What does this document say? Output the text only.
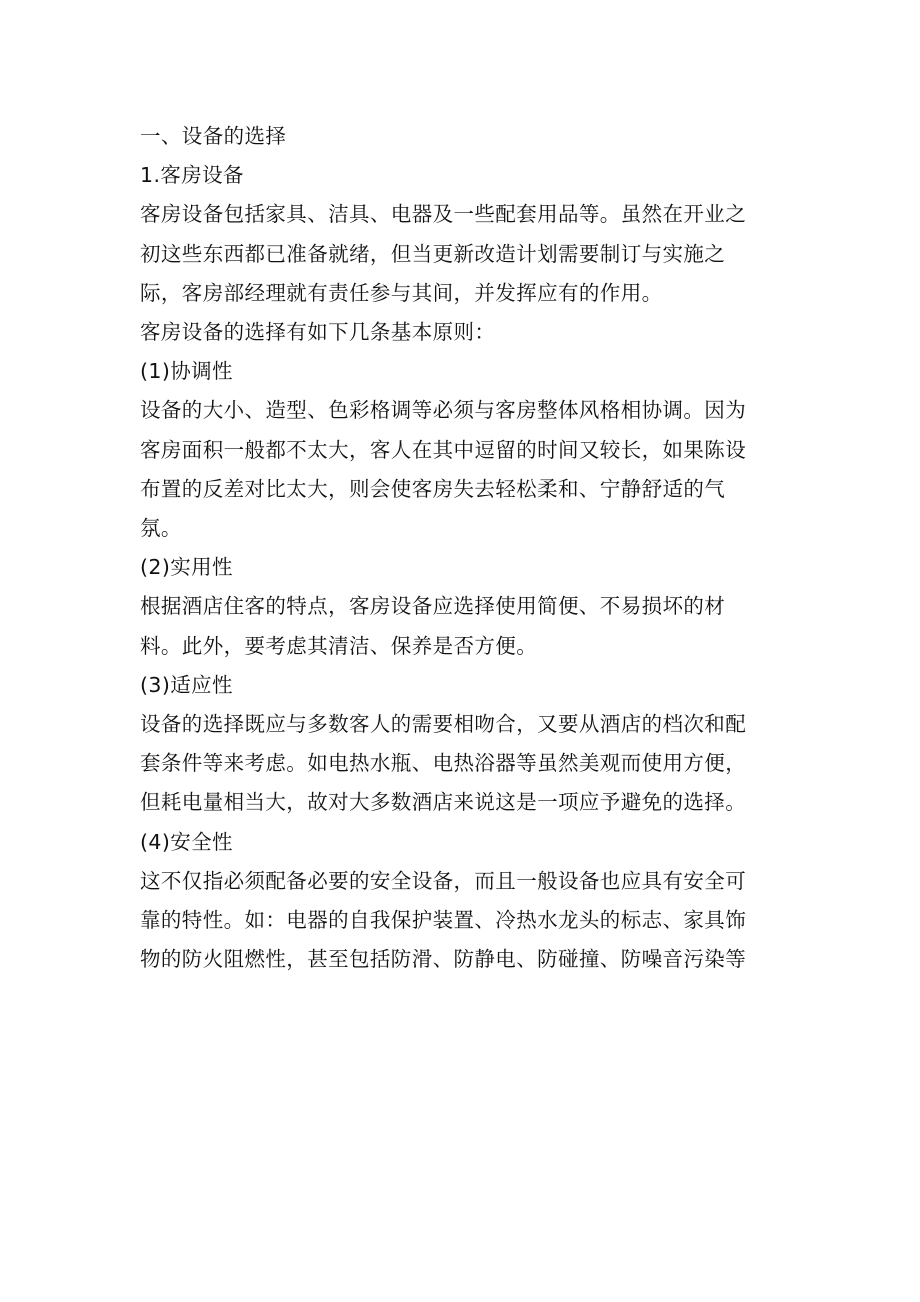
一、设备的选择

1.客房设备

客房设备包括家具、洁具、电器及一些配套用品等。虽然在开业之

初这些东西都已准备就绪，但当更新改造计划需要制订与实施之

际，客房部经理就有责任参与其间，并发挥应有的作用。

客房设备的选择有如下几条基本原则：

(1)协调性

设备的大小、造型、色彩格调等必须与客房整体风格相协调。因为

客房面积一般都不太大，客人在其中逗留的时间又较长，如果陈设

布置的反差对比太大，则会使客房失去轻松柔和、宁静舒适的气

氛。

(2)实用性

根据酒店住客的特点，客房设备应选择使用简便、不易损坏的材

料。此外，要考虑其清洁、保养是否方便。

(3)适应性

设备的选择既应与多数客人的需要相吻合，又要从酒店的档次和配

套条件等来考虑。如电热水瓶、电热浴器等虽然美观而使用方便，

但耗电量相当大，故对大多数酒店来说这是一项应予避免的选择。

(4)安全性

这不仅指必须配备必要的安全设备，而且一般设备也应具有安全可

靠的特性。如：电器的自我保护装置、冷热水龙头的标志、家具饰

物的防火阻燃性，甚至包括防滑、防静电、防碰撞、防噪音污染等
